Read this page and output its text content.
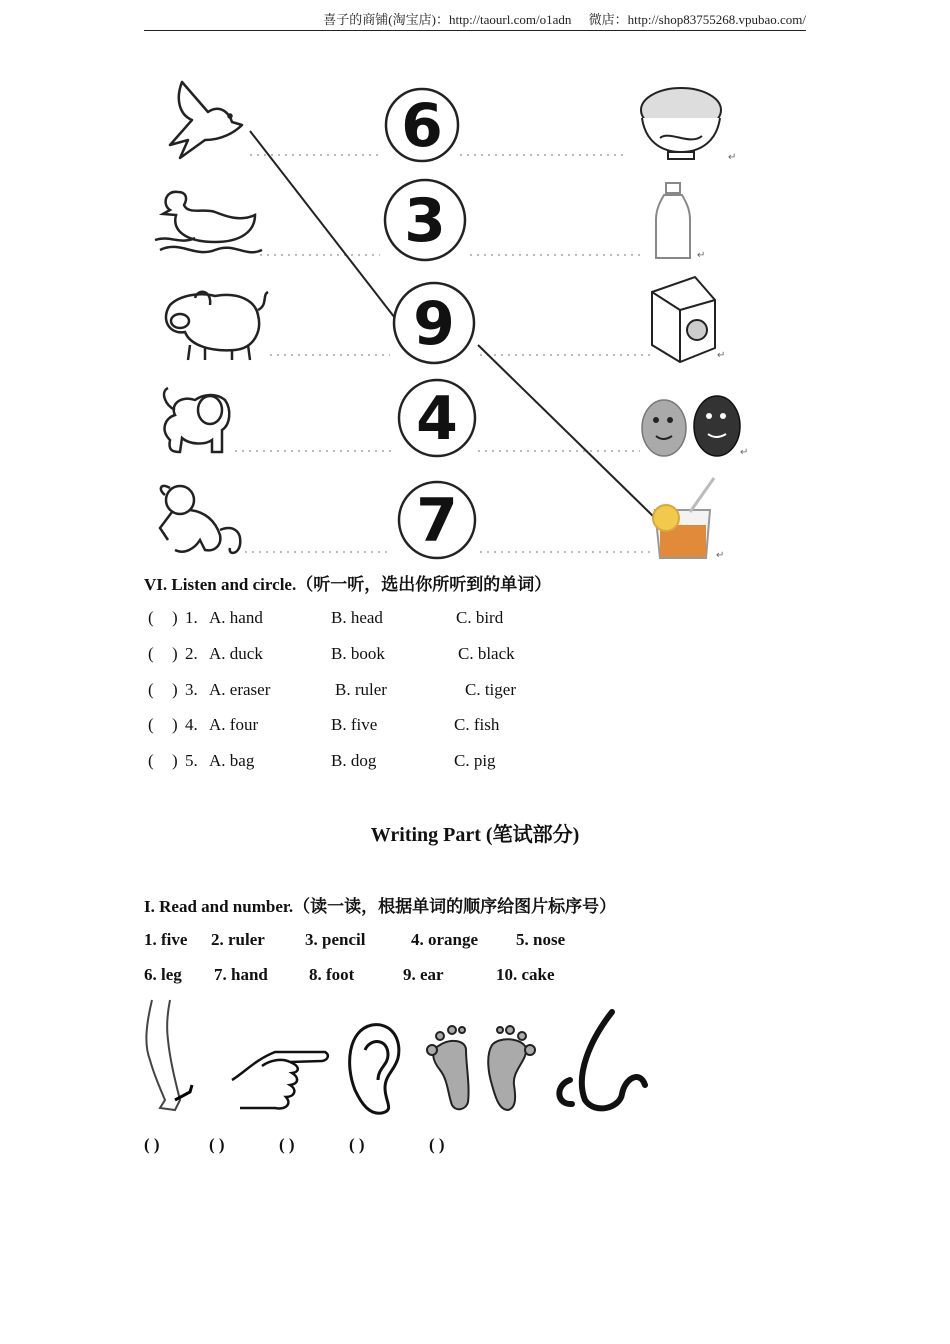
喜子的商铺(淘宝店)：http://taourl.com/o1adn 微店：http://shop83755268.vpubao.com/
6
3
9
4
7
↵
↵
↵
↵
↵
VI. Listen and circle.（听一听，选出你所听到的单词）
( ) 1. A. hand	B. head	C. bird
( ) 2. A. duck	B. book	C. black
( ) 3. A. eraser	B. ruler	C. tiger
( ) 4. A. four	B. five	C. fish
( ) 5. A. bag	B. dog	C. pig
Writing Part (笔试部分)
I. Read and number.（读一读，根据单词的顺序给图片标序号）
1. five 2. ruler 3. pencil	4. orange 5. nose
6. leg 7. hand 8. foot	9. ear	10. cake
( )	( )	( )	( )	( )
